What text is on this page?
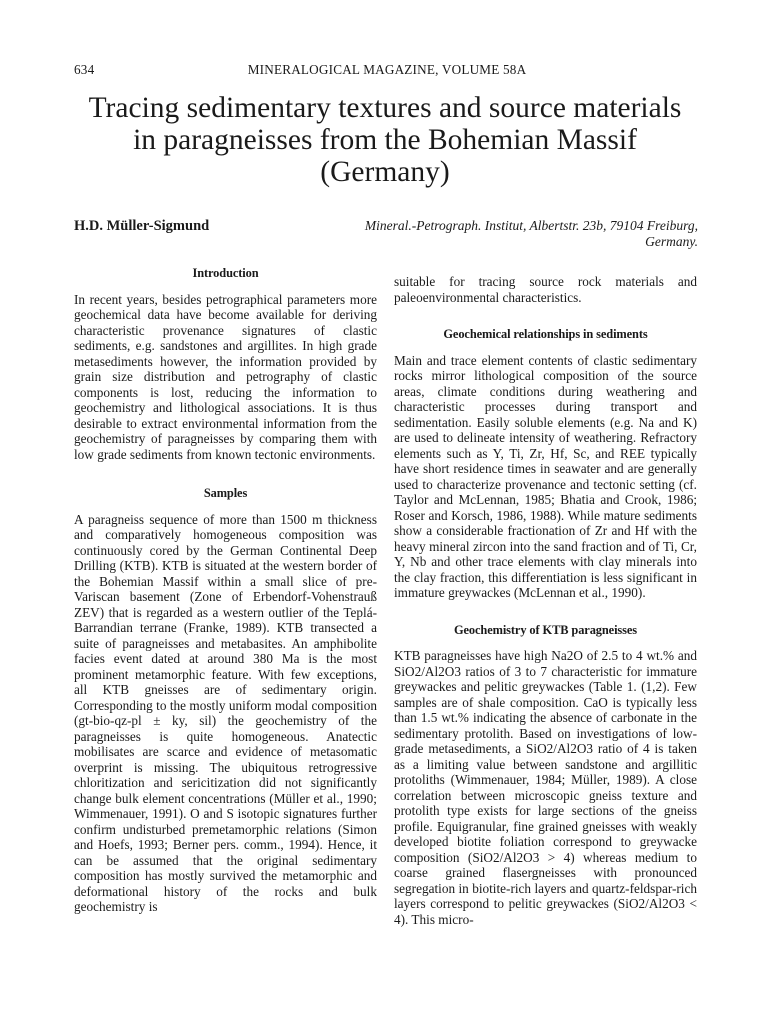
634	MINERALOGICAL MAGAZINE, VOLUME 58A
Tracing sedimentary textures and source materials
in paragneisses from the Bohemian Massif
(Germany)
H.D. Müller-Sigmund	Mineral.-Petrograph. Institut, Albertstr. 23b, 79104 Freiburg,
Germany.
Introduction

In recent years, besides petrographical parameters more geochemical data have become available for deriving characteristic provenance signatures of clastic sediments, e.g. sandstones and argillites. In high grade metasediments however, the information provided by grain size distribution and petrography of clastic components is lost, reducing the information to geochemistry and lithological associations. It is thus desirable to extract environmental information from the geochemistry of paragneisses by comparing them with low grade sediments from known tectonic environments.

Samples

A paragneiss sequence of more than 1500 m thickness and comparatively homogeneous composition was continuously cored by the German Continental Deep Drilling (KTB). KTB is situated at the western border of the Bohemian Massif within a small slice of pre-Variscan basement (Zone of Erbendorf-Vohenstrauß ZEV) that is regarded as a western outlier of the Teplá-Barrandian terrane (Franke, 1989). KTB transected a suite of paragneisses and metabasites. An amphibolite facies event dated at around 380 Ma is the most prominent metamorphic feature. With few exceptions, all KTB gneisses are of sedimentary origin. Corresponding to the mostly uniform modal composition (gt-bio-qz-pl ± ky, sil) the geochemistry of the paragneisses is quite homogeneous. Anatectic mobilisates are scarce and evidence of metasomatic overprint is missing. The ubiquitous retrogressive chloritization and sericitization did not significantly change bulk element concentrations (Müller et al., 1990; Wimmenauer, 1991). O and S isotopic signatures further confirm undisturbed premetamorphic relations (Simon and Hoefs, 1993; Berner pers. comm., 1994). Hence, it can be assumed that the original sedimentary composition has mostly survived the metamorphic and deformational history of the rocks and bulk geochemistry is

suitable for tracing source rock materials and paleoenvironmental characteristics.

Geochemical relationships in sediments

Main and trace element contents of clastic sedimentary rocks mirror lithological composition of the source areas, climate conditions during weathering and characteristic processes during transport and sedimentation. Easily soluble elements (e.g. Na and K) are used to delineate intensity of weathering. Refractory elements such as Y, Ti, Zr, Hf, Sc, and REE typically have short residence times in seawater and are generally used to characterize provenance and tectonic setting (cf. Taylor and McLennan, 1985; Bhatia and Crook, 1986; Roser and Korsch, 1986, 1988). While mature sediments show a considerable fractionation of Zr and Hf with the heavy mineral zircon into the sand fraction and of Ti, Cr, Y, Nb and other trace elements with clay minerals into the clay fraction, this differentiation is less significant in immature greywackes (McLennan et al., 1990).

Geochemistry of KTB paragneisses

KTB paragneisses have high Na2O of 2.5 to 4 wt.% and SiO2/Al2O3 ratios of 3 to 7 characteristic for immature greywackes and pelitic greywackes (Table 1. (1,2). Few samples are of shale composition. CaO is typically less than 1.5 wt.% indicating the absence of carbonate in the sedimentary protolith. Based on investigations of low-grade metasediments, a SiO2/Al2O3 ratio of 4 is taken as a limiting value between sandstone and argillitic protoliths (Wimmenauer, 1984; Müller, 1989). A close correlation between microscopic gneiss texture and protolith type exists for large sections of the gneiss profile. Equigranular, fine grained gneisses with weakly developed biotite foliation correspond to greywacke composition (SiO2/Al2O3 > 4) whereas medium to coarse grained flasergneisses with pronounced segregation in biotite-rich layers and quartz-feldspar-rich layers correspond to pelitic greywackes (SiO2/Al2O3 < 4). This micro-
